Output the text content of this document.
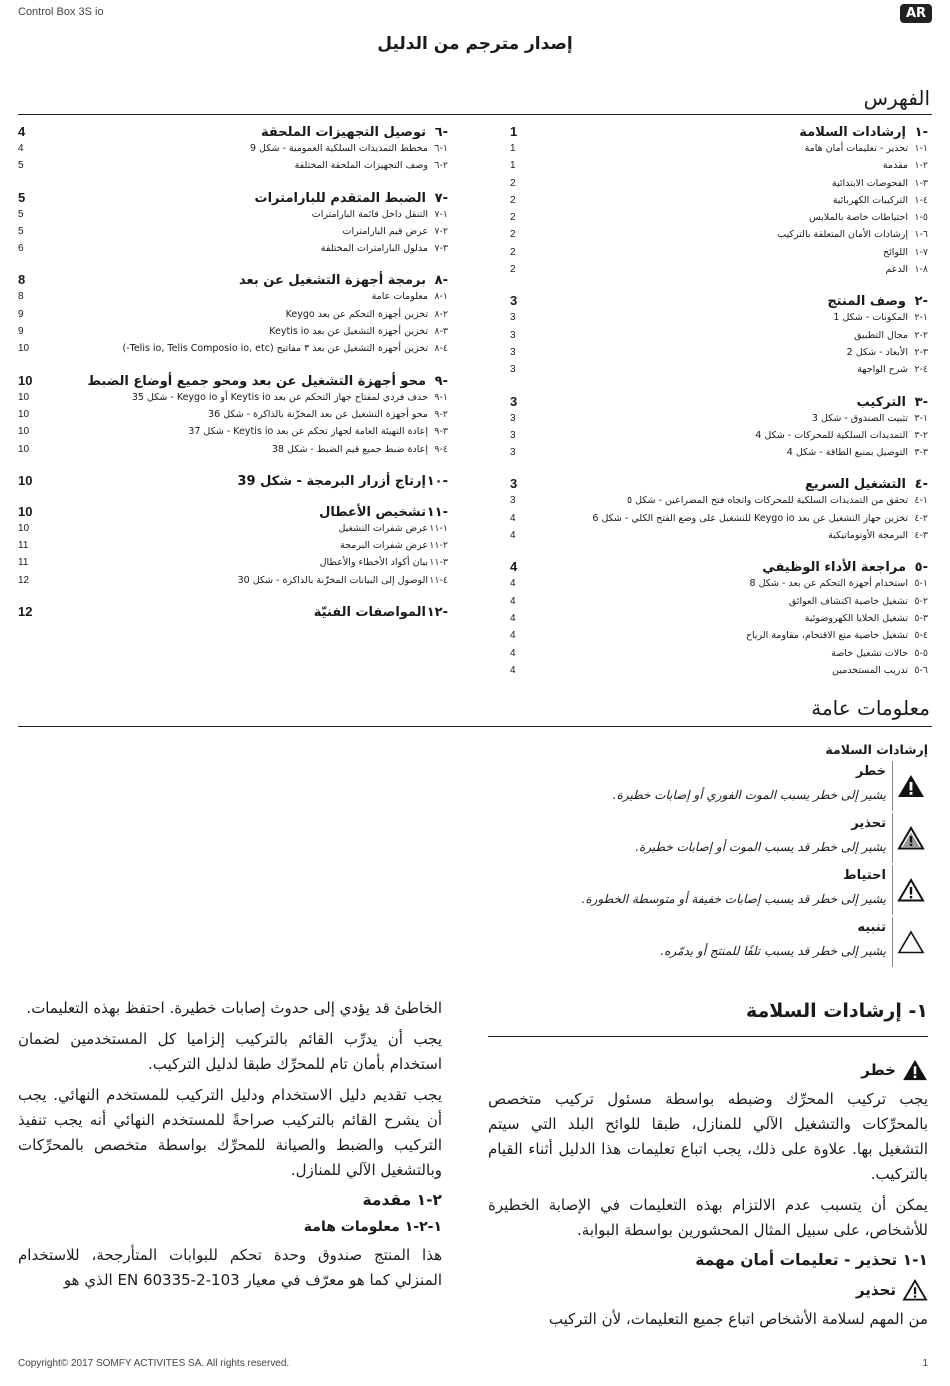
Control Box 3S io	AR
إصدار مترجم من الدليل
الفهرس
-١
إرشادات السلامة
1
١-١
تحذير - تعليمات أمان هامة
1
٢-١
مقدمة
1
٣-١
الفحوصات الابتدائية
2
٤-١
التركيبات الكهربائية
2
٥-١
احتياطات خاصة بالملابس
2
٦-١
إرشادات الأمان المتعلقة بالتركيب
2
٧-١
اللوائح
2
٨-١
الدعم
2
-٢
وصف المنتج
3
١-٢
المكونات - شكل 1
3
٢-٢
مجال التطبيق
3
٣-٢
الأبعاد - شكل 2
3
٤-٢
شرح الواجهة
3
-٣
التركيب
3
١-٣
تثبيت الصندوق - شكل 3
3
٢-٣
التمديدات السلكية للمحركات - شكل 4
3
٣-٣
التوصيل بمنبع الطاقة - شكل 4
3
-٤
التشغيل السريع
3
١-٤
تحقق من التمديدات السلكية للمحركات واتجاه فتح المصراعين - شكل ٥
3
٢-٤
تخزين جهاز التشغيل عن بعد Keygo io للتشغيل على وضع الفتح الكلي - شكل 6
4
٣-٤
البرمجة الأوتوماتيكية
4
-٥
مراجعة الأداء الوظيفي
4
١-٥
استخدام أجهزة التحكم عن بعد - شكل 8
4
٢-٥
تشغيل خاصية اكتشاف العوائق
4
٣-٥
تشغيل الخلايا الكهروضوئية
4
٤-٥
تشغيل خاصية منع الاقتحام، مقاومة الرياح
4
٥-٥
حالات تشغيل خاصة
4
٦-٥
تدريب المستخدمين
4
-٦
توصيل التجهيزات الملحقة
4
١-٦
مخطط التمديدات السلكية العمومية - شكل 9
4
٢-٦
وصف التجهيزات الملحقة المختلفة
5
-٧
الضبط المتقدم للبارامترات
5
١-٧
التنقل داخل قائمة البارامترات
5
٢-٧
عرض قيم البارامترات
5
٣-٧
مدلول البارامترات المختلفة
6
-٨
برمجة أجهزة التشغيل عن بعد
8
١-٨
معلومات عامة
8
٢-٨
تخزين أجهزة التحكم عن بعد Keygo
9
٣-٨
تخزين أجهزة التشغيل عن بعد Keytis io
9
٤-٨
تخزين أجهزة التشغيل عن بعد ٣ مفاتيح (Telis io, Telis Composio io, etc-)
10
-٩
محو أجهزة التشغيل عن بعد ومحو جميع أوضاع الضبط
10
١-٩
حذف فردي لمفتاح جهاز التحكم عن بعد Keytis io أو Keygo io - شكل 35
10
٢-٩
محو أجهزة التشغيل عن بعد المخزّنة بالذاكرة - شكل 36
10
٣-٩
إعادة التهيئة العامة لجهاز تحكم عن بعد Keytis io - شكل 37
10
٤-٩
إعادة ضبط جميع قيم الضبط - شكل 38
10
-١٠
إرتاج أزرار البرمجة - شكل 39
10
-١١
تشخيص الأعطال
10
١-١١
عرض شفرات التشغيل
10
٢-١١
عرض شفرات البرمجة
11
٣-١١
بيان أكواد الأخطاء والأعطال
11
٤-١١
الوصول إلى البيانات المخزّنة بالذاكرة - شكل 30
12
-١٢
المواصفات الفنيّة
12
معلومات عامة
إرشادات السلامة
خطر
يشير إلى خطر يسبب الموت الفوري أو إصابات خطيرة.
تحذير
يشير إلى خطر قد يسبب الموت أو إصابات خطيرة.
احتياط
يشير إلى خطر قد يسبب إصابات خفيفة أو متوسطة الخطورة.
تنبيه
يشير إلى خطر قد يسبب تلفًا للمنتج أو يدمّره.
١- إرشادات السلامة
خطر
يجب تركيب المحرِّك وضبطه بواسطة مسئول تركيب متخصص بالمحرِّكات والتشغيل الآلي للمنازل، طبقا للوائح البلد التي سيتم التشغيل بها. علاوة على ذلك، يجب اتباع تعليمات هذا الدليل أثناء القيام بالتركيب.
يمكن أن يتسبب عدم الالتزام بهذه التعليمات في الإصابة الخطيرة للأشخاص، على سبيل المثال المحشورين بواسطة البوابة.
١-١ تحذير - تعليمات أمان مهمة
تحذير
من المهم لسلامة الأشخاص اتباع جميع التعليمات، لأن التركيب
الخاطئ قد يؤدي إلى حدوث إصابات خطيرة. احتفظ بهذه التعليمات.
يجب أن يدرِّب القائم بالتركيب إلزاميا كل المستخدمين لضمان استخدام بأمان تام للمحرِّك طبقا لدليل التركيب.
يجب تقديم دليل الاستخدام ودليل التركيب للمستخدم النهائي. يجب أن يشرح القائم بالتركيب صراحةً للمستخدم النهائي أنه يجب تنفيذ التركيب والضبط والصيانة للمحرِّك بواسطة متخصص بالمحرِّكات وبالتشغيل الآلي للمنازل.
٢-١ مقدمة
١-٢-١ معلومات هامة
هذا المنتج صندوق وحدة تحكم للبوابات المتأرجحة، للاستخدام المنزلي كما هو معرّف في معيار EN 60335-2-103 الذي هو
Copyright© 2017 SOMFY ACTIVITES SA. All rights reserved.	1
